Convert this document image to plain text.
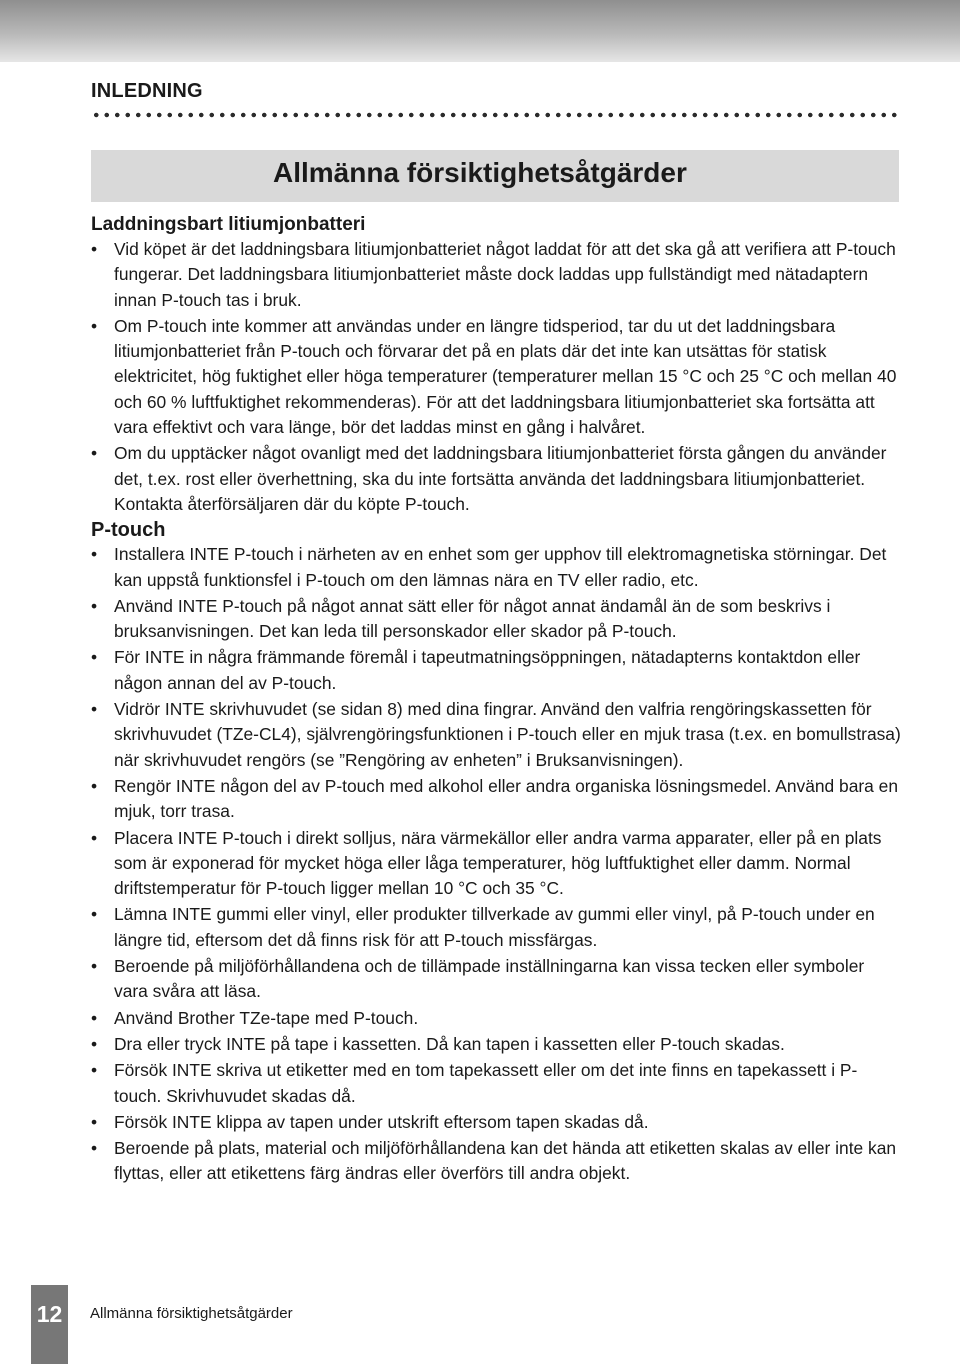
INLEDNING
Allmänna försiktighetsåtgärder
Laddningsbart litiumjonbatteri
• Vid köpet är det laddningsbara litiumjonbatteriet något laddat för att det ska gå att verifiera att P-touch fungerar. Det laddningsbara litiumjonbatteriet måste dock laddas upp fullständigt med nätadaptern innan P-touch tas i bruk.
• Om P-touch inte kommer att användas under en längre tidsperiod, tar du ut det laddningsbara litiumjonbatteriet från P-touch och förvarar det på en plats där det inte kan utsättas för statisk elektricitet, hög fuktighet eller höga temperaturer (temperaturer mellan 15 °C och 25 °C och mellan 40 och 60 % luftfuktighet rekommenderas). För att det laddningsbara litiumjonbatteriet ska fortsätta att vara effektivt och vara länge, bör det laddas minst en gång i halvåret.
• Om du upptäcker något ovanligt med det laddningsbara litiumjonbatteriet första gången du använder det, t.ex. rost eller överhettning, ska du inte fortsätta använda det laddningsbara litiumjonbatteriet. Kontakta återförsäljaren där du köpte P-touch.
P-touch
• Installera INTE P-touch i närheten av en enhet som ger upphov till elektromagnetiska störningar. Det kan uppstå funktionsfel i P-touch om den lämnas nära en TV eller radio, etc.
• Använd INTE P-touch på något annat sätt eller för något annat ändamål än de som beskrivs i bruksanvisningen. Det kan leda till personskador eller skador på P-touch.
• För INTE in några främmande föremål i tapeutmatningsöppningen, nätadapterns kontaktdon eller någon annan del av P-touch.
• Vidrör INTE skrivhuvudet (se sidan 8) med dina fingrar. Använd den valfria rengöringskassetten för skrivhuvudet (TZe-CL4), självrengöringsfunktionen i P-touch eller en mjuk trasa (t.ex. en bomullstrasa) när skrivhuvudet rengörs (se ”Rengöring av enheten” i Bruksanvisningen).
• Rengör INTE någon del av P-touch med alkohol eller andra organiska lösningsmedel. Använd bara en mjuk, torr trasa.
• Placera INTE P-touch i direkt solljus, nära värmekällor eller andra varma apparater, eller på en plats som är exponerad för mycket höga eller låga temperaturer, hög luftfuktighet eller damm. Normal driftstemperatur för P-touch ligger mellan 10 °C och 35 °C.
• Lämna INTE gummi eller vinyl, eller produkter tillverkade av gummi eller vinyl, på P-touch under en längre tid, eftersom det då finns risk för att P-touch missfärgas.
• Beroende på miljöförhållandena och de tillämpade inställningarna kan vissa tecken eller symboler vara svåra att läsa.
• Använd Brother TZe-tape med P-touch.
• Dra eller tryck INTE på tape i kassetten. Då kan tapen i kassetten eller P-touch skadas.
• Försök INTE skriva ut etiketter med en tom tapekassett eller om det inte finns en tapekassett i P-touch. Skrivhuvudet skadas då.
• Försök INTE klippa av tapen under utskrift eftersom tapen skadas då.
• Beroende på plats, material och miljöförhållandena kan det hända att etiketten skalas av eller inte kan flyttas, eller att etikettens färg ändras eller överförs till andra objekt.
12	Allmänna försiktighetsåtgärder
